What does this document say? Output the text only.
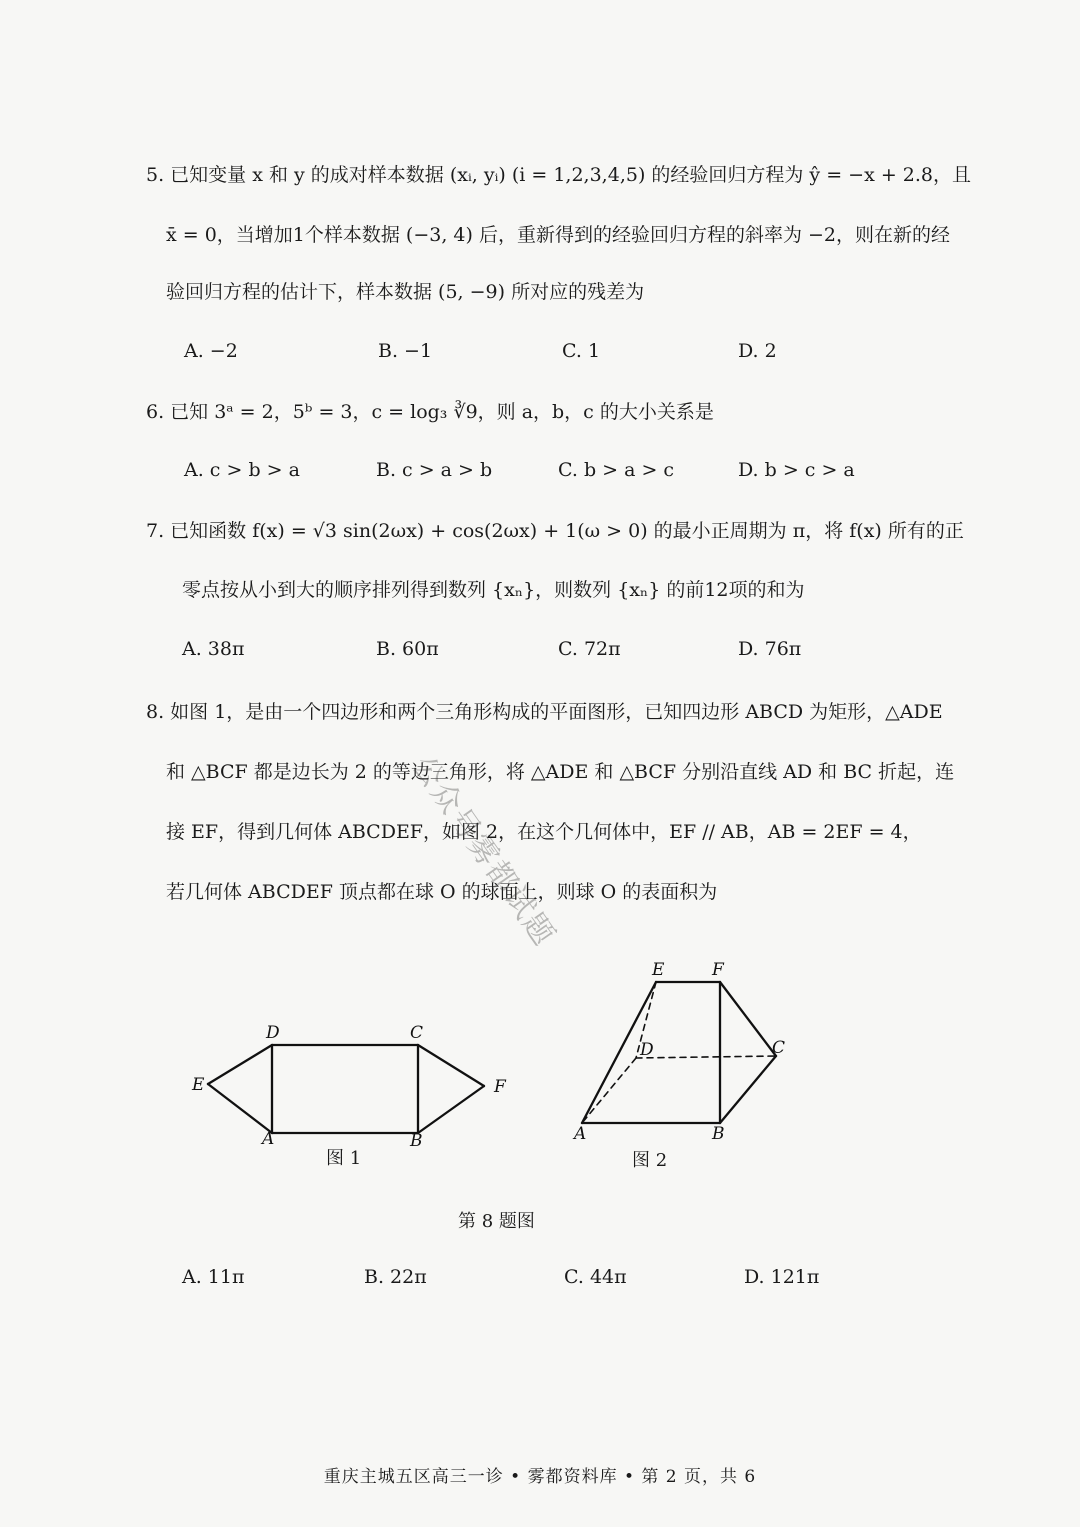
5. 已知变量 x 和 y 的成对样本数据 (xᵢ, yᵢ) (i = 1,2,3,4,5) 的经验回归方程为 ŷ = −x + 2.8，且
x̄ = 0，当增加1个样本数据 (−3, 4) 后，重新得到的经验回归方程的斜率为 −2，则在新的经
验回归方程的估计下，样本数据 (5, −9) 所对应的残差为
A. −2	B. −1	C. 1	D. 2
6. 已知 3ᵃ = 2，5ᵇ = 3，c = log₃ ∛9，则 a，b，c 的大小关系是
A. c > b > a	B. c > a > b	C. b > a > c	D. b > c > a
7. 已知函数 f(x) = √3 sin(2ωx) + cos(2ωx) + 1(ω > 0) 的最小正周期为 π，将 f(x) 所有的正
零点按从小到大的顺序排列得到数列 {xₙ}，则数列 {xₙ} 的前12项的和为
A. 38π	B. 60π	C. 72π	D. 76π
8. 如图 1，是由一个四边形和两个三角形构成的平面图形，已知四边形 ABCD 为矩形，△ADE
和 △BCF 都是边长为 2 的等边三角形，将 △ADE 和 △BCF 分别沿直线 AD 和 BC 折起，连
接 EF，得到几何体 ABCDEF，如图 2，在这个几何体中，EF // AB，AB = 2EF = 4，
若几何体 ABCDEF 顶点都在球 O 的球面上，则球 O 的表面积为
D	C
E	F
A	B
图 1
E	F
D	C
A	B
图 2
第 8 题图
A. 11π	B. 22π	C. 44π	D. 121π
公众号雾都试题
重庆主城五区高三一诊 • 雾都资料库 • 第 2 页，共 6
